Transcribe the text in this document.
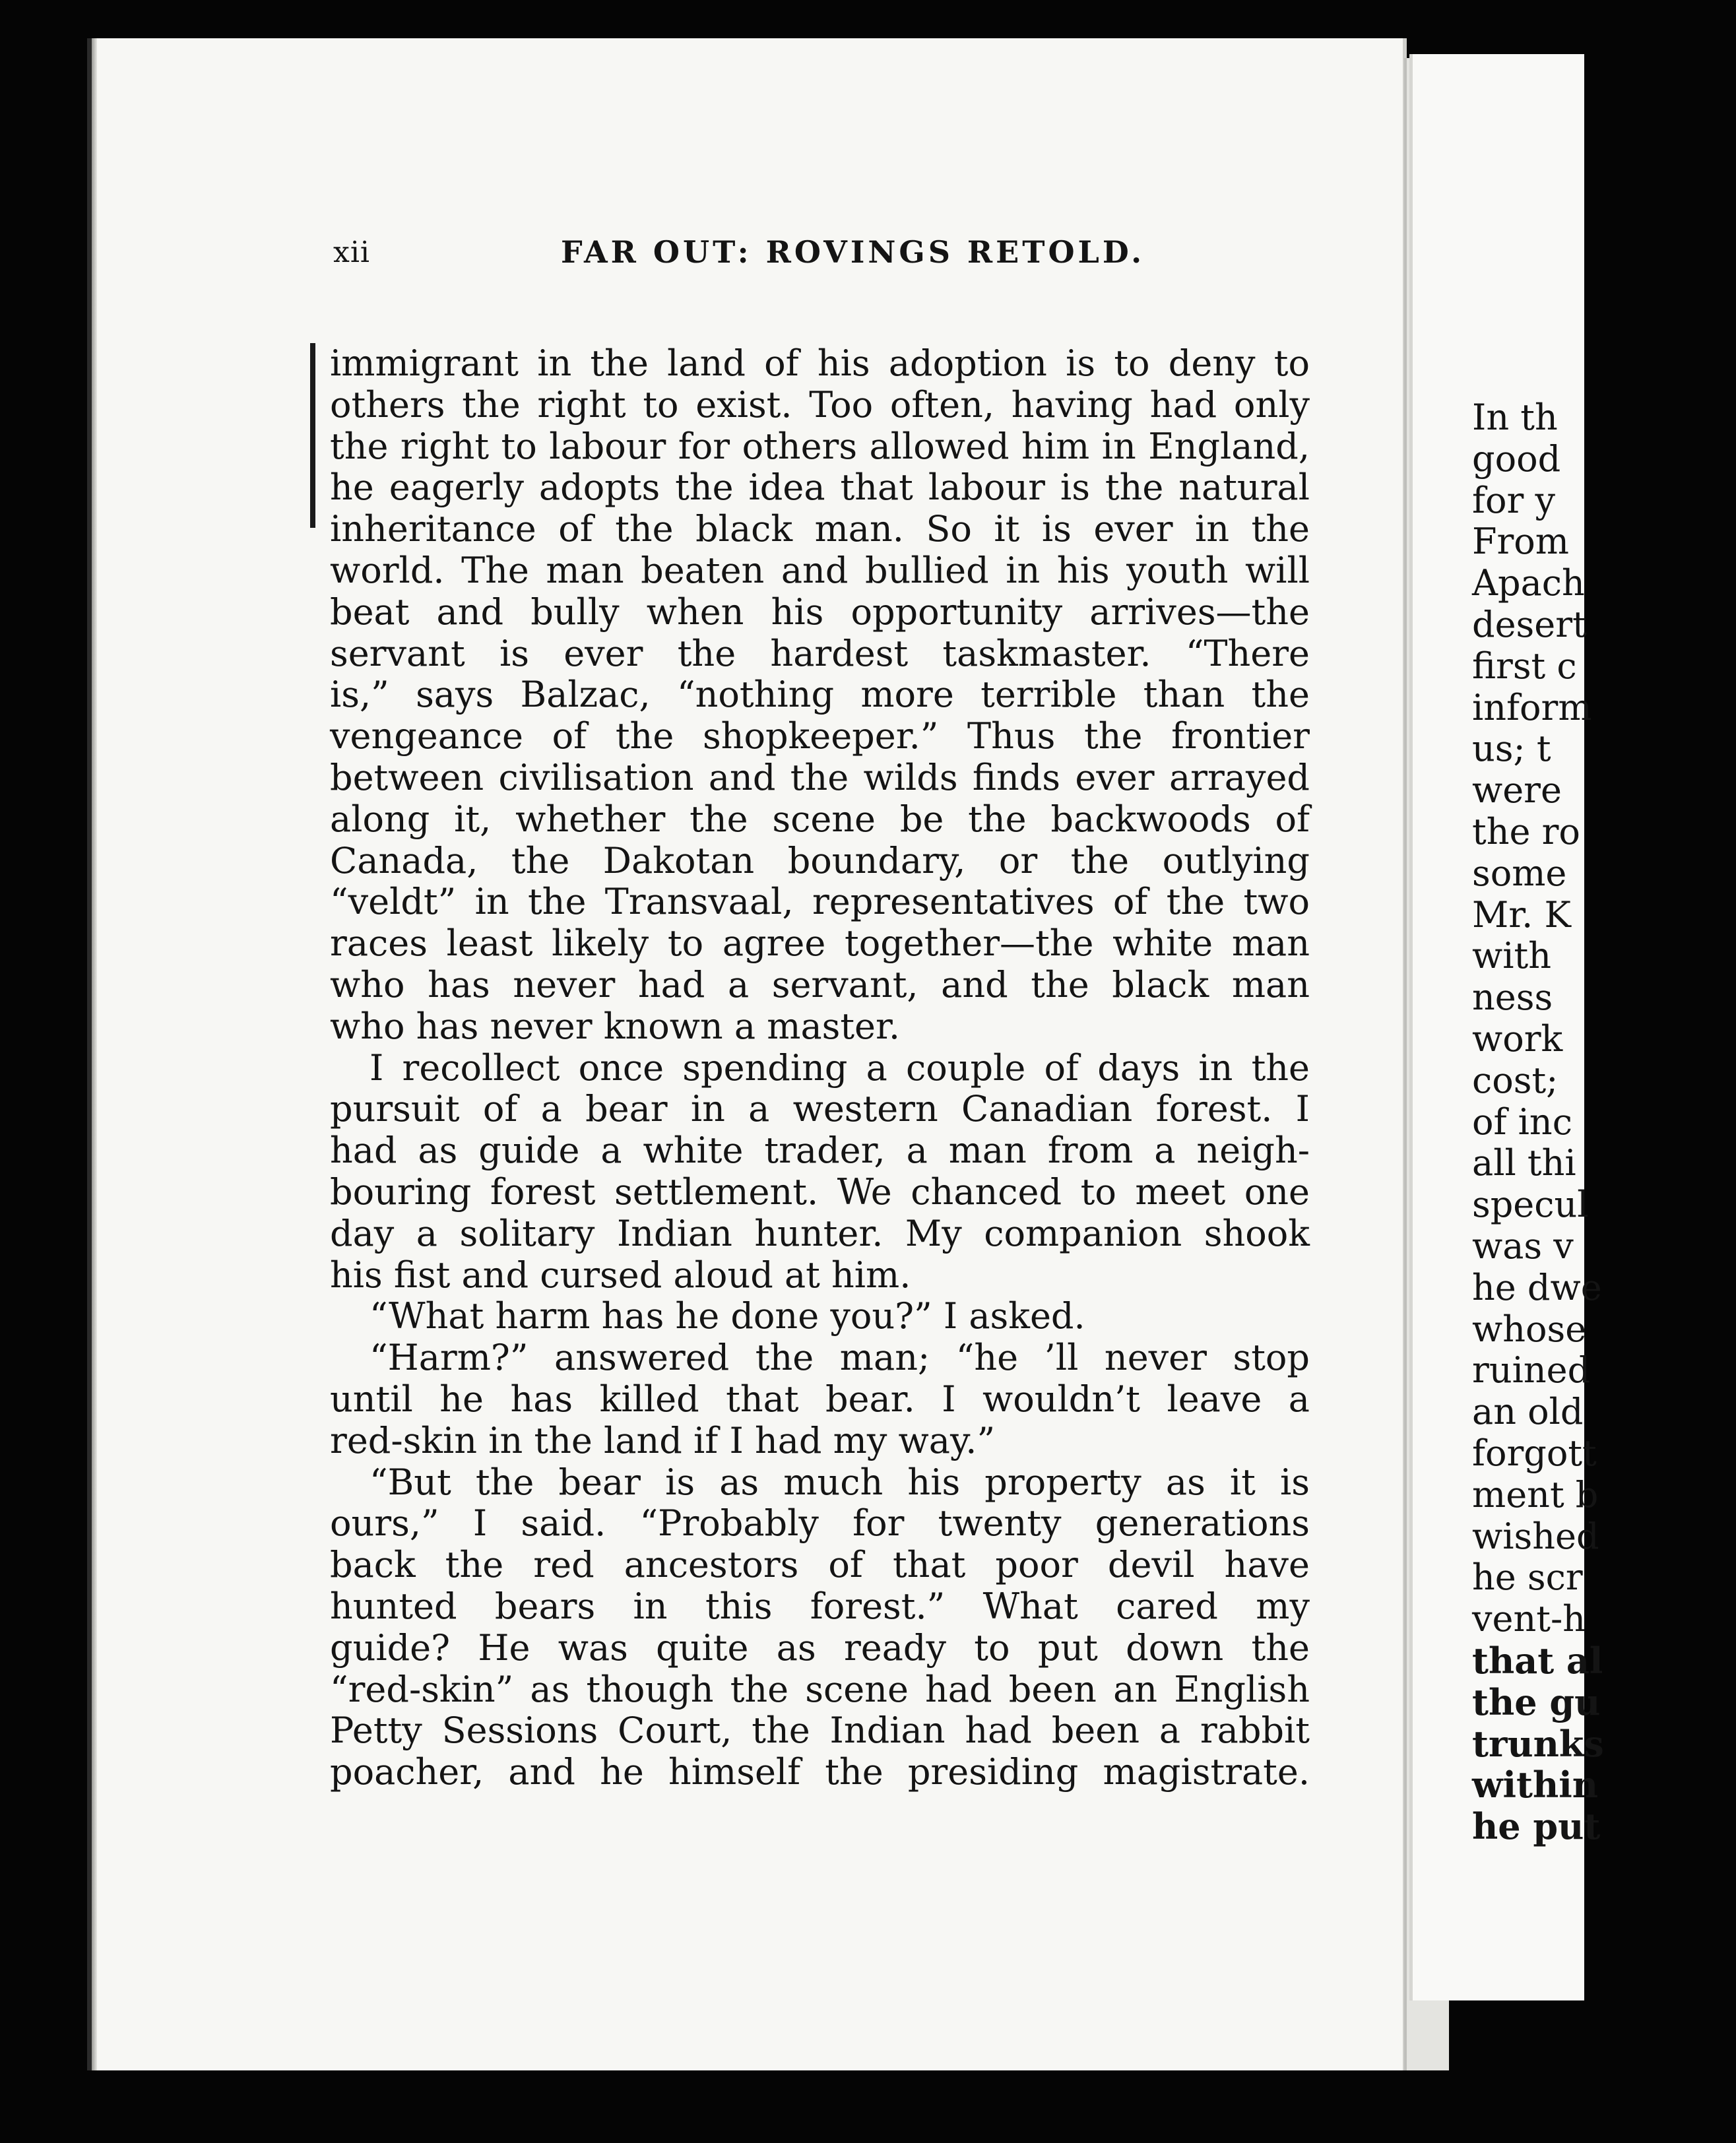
In th
good
for y
From
Apach
desert
first c
inform
us; t
were
the ro
some
Mr. K
with
ness
work
cost;
of inc
all thi
specul
was v
he dwe
whose
ruined
an old
forgott
ment b
wished
he scr
vent-h
that al
the gu
trunks
within
he put
xii	FAR OUT: ROVINGS RETOLD.
immigrant in the land of his adoption is to deny to
others the right to exist. Too often, having had only
the right to labour for others allowed him in England,
he eagerly adopts the idea that labour is the natural
inheritance of the black man. So it is ever in the
world. The man beaten and bullied in his youth will
beat and bully when his opportunity arrives—the
servant is ever the hardest taskmaster. “There
is,” says Balzac, “nothing more terrible than the
vengeance of the shopkeeper.” Thus the frontier
between civilisation and the wilds finds ever arrayed
along it, whether the scene be the backwoods of
Canada, the Dakotan boundary, or the outlying
“veldt” in the Transvaal, representatives of the two
races least likely to agree together—the white man
who has never had a servant, and the black man
who has never known a master.
I recollect once spending a couple of days in the
pursuit of a bear in a western Canadian forest. I
had as guide a white trader, a man from a neigh-
bouring forest settlement. We chanced to meet one
day a solitary Indian hunter. My companion shook
his fist and cursed aloud at him.
“What harm has he done you?” I asked.
“Harm?” answered the man; “he ’ll never stop
until he has killed that bear. I wouldn’t leave a
red-skin in the land if I had my way.”
“But the bear is as much his property as it is
ours,” I said. “Probably for twenty generations
back the red ancestors of that poor devil have
hunted bears in this forest.” What cared my
guide? He was quite as ready to put down the
“red-skin” as though the scene had been an English
Petty Sessions Court, the Indian had been a rabbit
poacher, and he himself the presiding magistrate.
